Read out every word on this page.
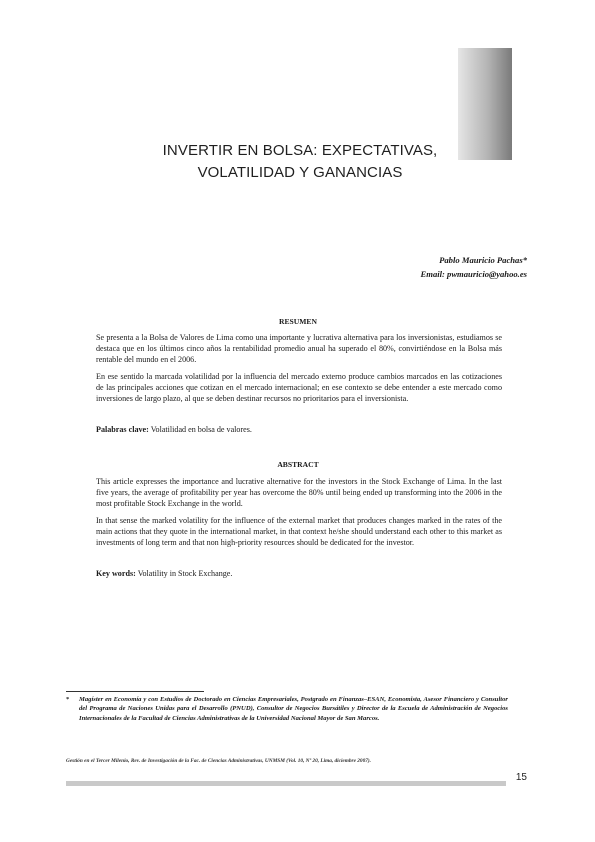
INVERTIR EN BOLSA: EXPECTATIVAS,
VOLATILIDAD Y GANANCIAS
Pablo Mauricio Pachas*
Email: pwmauricio@yahoo.es
RESUMEN

Se presenta a la Bolsa de Valores de Lima como una importante y lucrativa alternativa para los inversionistas, estudiamos se destaca que en los últimos cinco años la rentabilidad promedio anual ha superado el 80%, convirtiéndose en la Bolsa más rentable del mundo en el 2006.

En ese sentido la marcada volatilidad por la influencia del mercado externo produce cambios marcados en las cotizaciones de las principales acciones que cotizan en el mercado internacional; en ese contexto se debe entender a este mercado como inversiones de largo plazo, al que se deben destinar recursos no prioritarios para el inversionista.

Palabras clave: Volatilidad en bolsa de valores.

ABSTRACT

This article expresses the importance and lucrative alternative for the investors in the Stock Exchange of Lima. In the last five years, the average of profitability per year has overcome the 80% until being ended up transforming into the 2006 in the most profitable Stock Exchange in the world.

In that sense the marked volatility for the influence of the external market that produces changes marked in the rates of the main actions that they quote in the international market, in that context he/she should understand each other to this market as investments of long term and that non high-priority resources should be dedicated for the investor.

Key words: Volatility in Stock Exchange.

* Magíster en Economía y con Estudios de Doctorado en Ciencias Empresariales, Postgrado en Finanzas–ESAN, Economista, Asesor Financiero y Consultor del Programa de Naciones Unidas para el Desarrollo (PNUD), Consultor de Negocios Bursátiles y Director de la Escuela de Administración de Negocios Internacionales de la Facultad de Ciencias Administrativas de la Universidad Nacional Mayor de San Marcos.
Gestión en el Tercer Milenio, Rev. de Investigación de la Fac. de Ciencias Administrativas, UNMSM (Vol. 10, Nº 20, Lima, diciembre 2007).
15
